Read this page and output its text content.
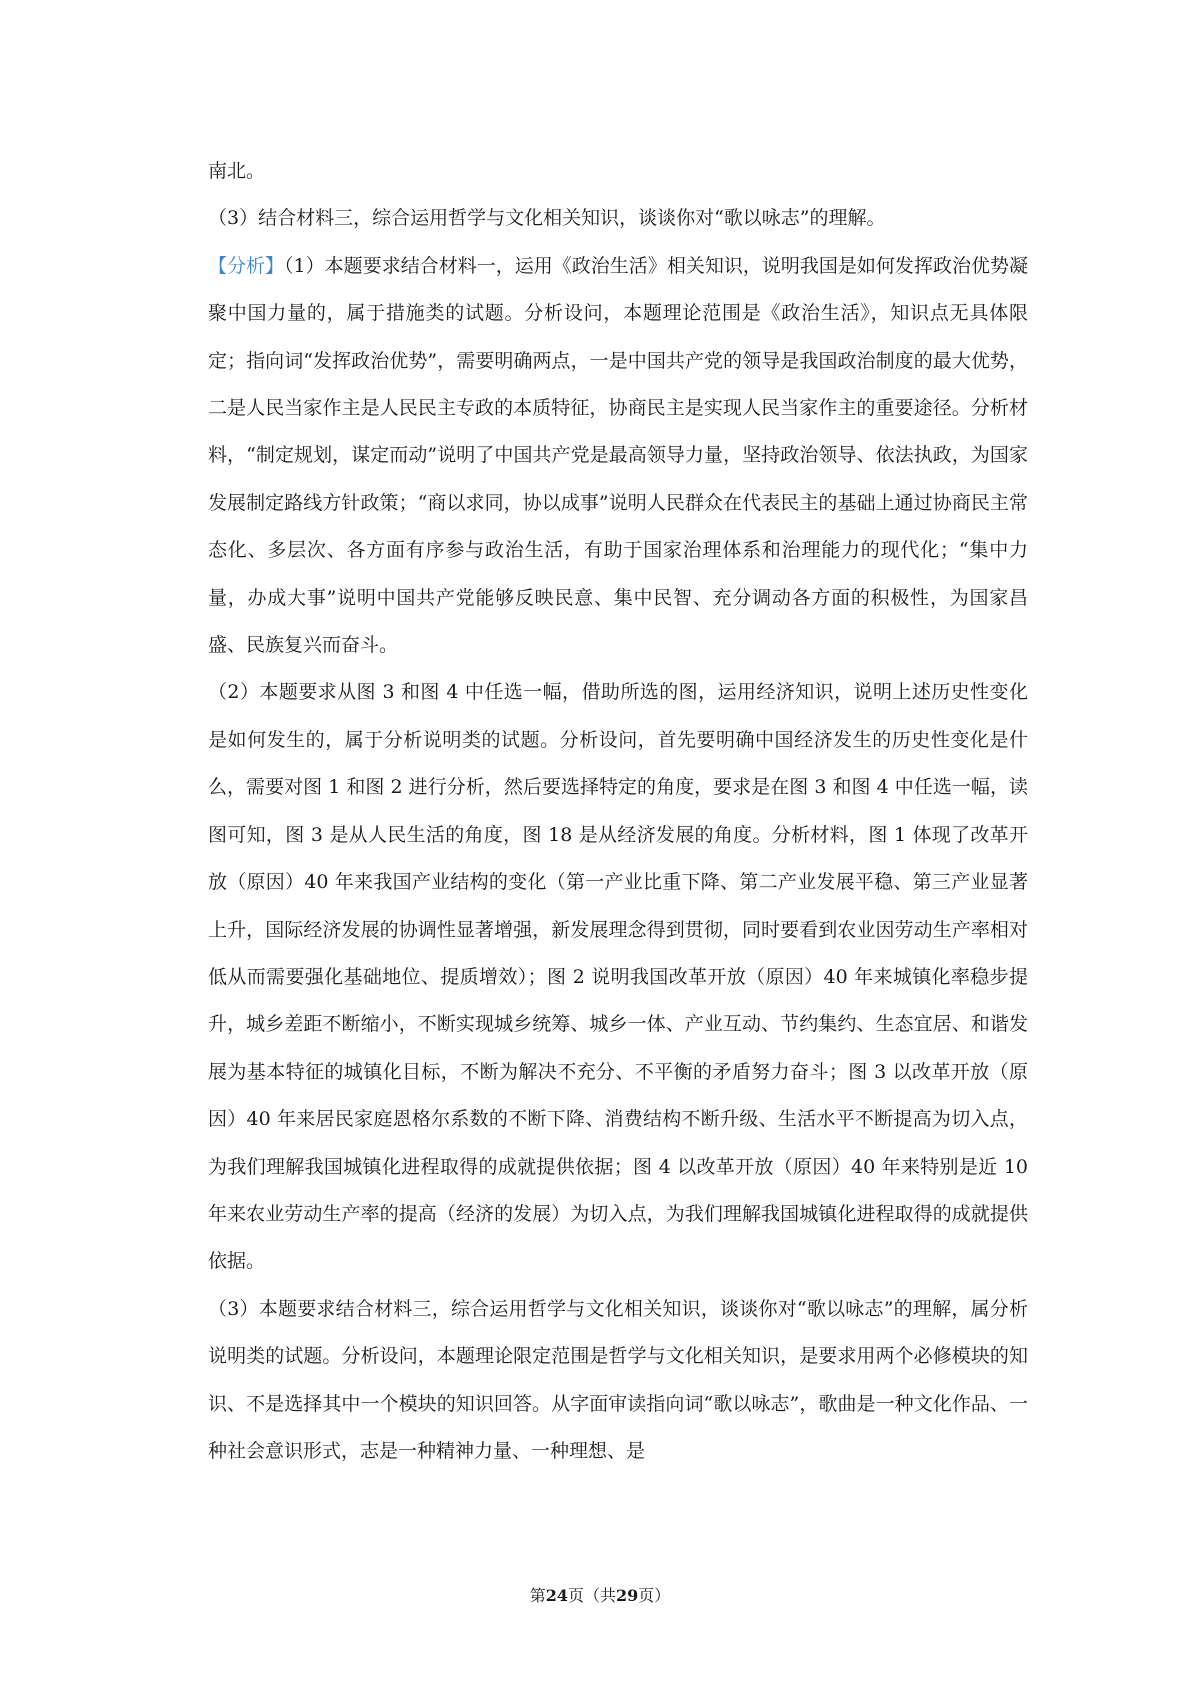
南北。

（3）结合材料三，综合运用哲学与文化相关知识，谈谈你对“歌以咏志”的理解。

【分析】（1）本题要求结合材料一，运用《政治生活》相关知识，说明我国是如何发挥政治优势凝聚中国力量的，属于措施类的试题。分析设问，本题理论范围是《政治生活》，知识点无具体限定；指向词“发挥政治优势”，需要明确两点，一是中国共产党的领导是我国政治制度的最大优势，二是人民当家作主是人民民主专政的本质特征，协商民主是实现人民当家作主的重要途径。分析材料，“制定规划，谋定而动”说明了中国共产党是最高领导力量，坚持政治领导、依法执政，为国家发展制定路线方针政策；“商以求同，协以成事”说明人民群众在代表民主的基础上通过协商民主常态化、多层次、各方面有序参与政治生活，有助于国家治理体系和治理能力的现代化；“集中力量，办成大事”说明中国共产党能够反映民意、集中民智、充分调动各方面的积极性，为国家昌盛、民族复兴而奋斗。

（2）本题要求从图 3 和图 4 中任选一幅，借助所选的图，运用经济知识，说明上述历史性变化是如何发生的，属于分析说明类的试题。分析设问，首先要明确中国经济发生的历史性变化是什么，需要对图 1 和图 2 进行分析，然后要选择特定的角度，要求是在图 3 和图 4 中任选一幅，读图可知，图 3 是从人民生活的角度，图 18 是从经济发展的角度。分析材料，图 1 体现了改革开放（原因）40 年来我国产业结构的变化（第一产业比重下降、第二产业发展平稳、第三产业显著上升，国际经济发展的协调性显著增强，新发展理念得到贯彻，同时要看到农业因劳动生产率相对低从而需要强化基础地位、提质增效）；图 2 说明我国改革开放（原因）40 年来城镇化率稳步提升，城乡差距不断缩小，不断实现城乡统筹、城乡一体、产业互动、节约集约、生态宜居、和谐发展为基本特征的城镇化目标，不断为解决不充分、不平衡的矛盾努力奋斗；图 3 以改革开放（原因）40 年来居民家庭恩格尔系数的不断下降、消费结构不断升级、生活水平不断提高为切入点，为我们理解我国城镇化进程取得的成就提供依据；图 4 以改革开放（原因）40 年来特别是近 10 年来农业劳动生产率的提高（经济的发展）为切入点，为我们理解我国城镇化进程取得的成就提供依据。

（3）本题要求结合材料三，综合运用哲学与文化相关知识，谈谈你对“歌以咏志”的理解，属分析说明类的试题。分析设问，本题理论限定范围是哲学与文化相关知识，是要求用两个必修模块的知识、不是选择其中一个模块的知识回答。从字面审读指向词“歌以咏志”，歌曲是一种文化作品、一种社会意识形式，志是一种精神力量、一种理想、是

第24页（共29页）
